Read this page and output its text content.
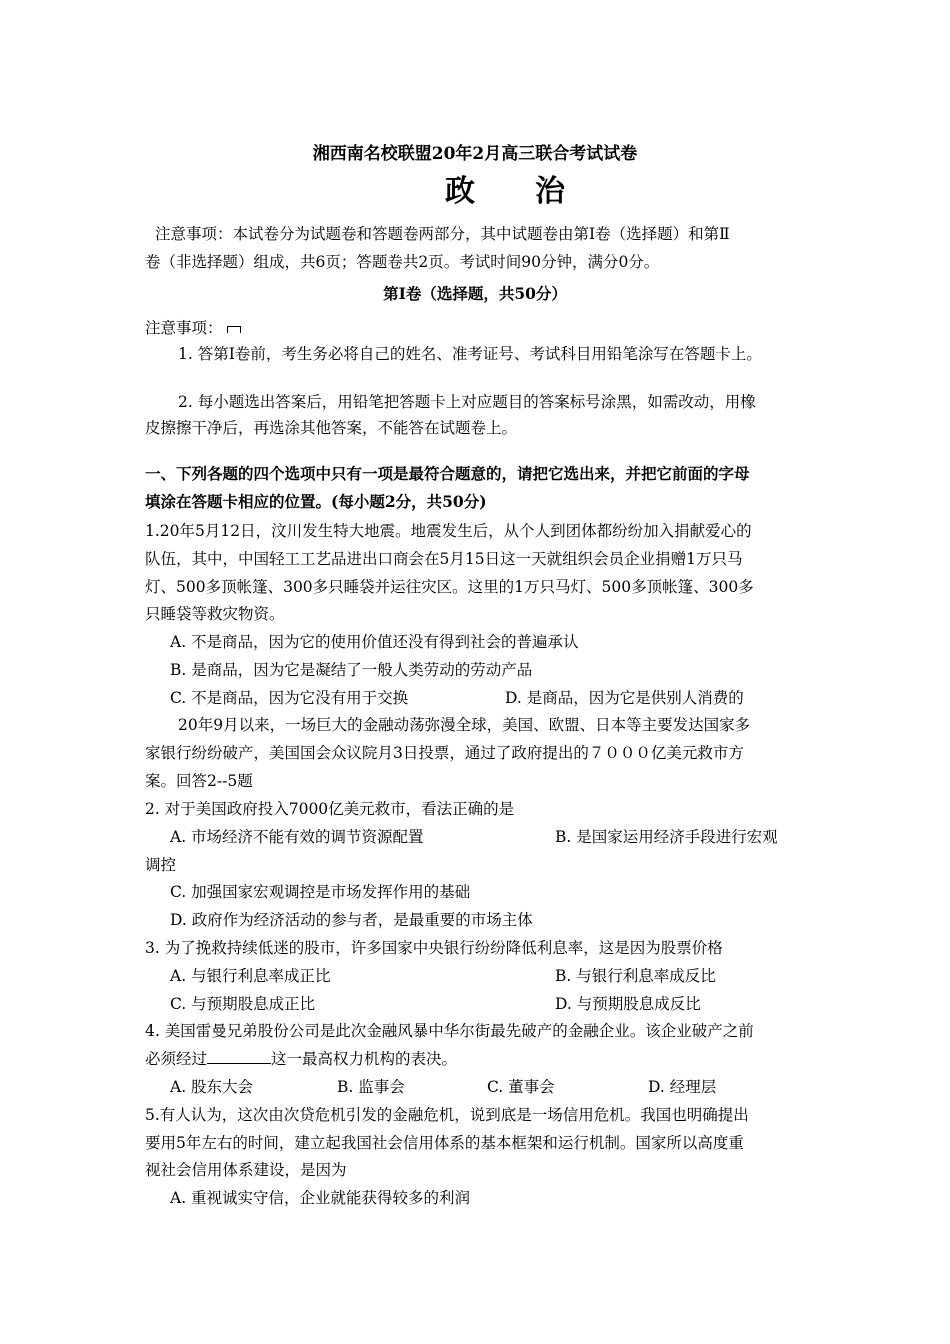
湘西南名校联盟20年2月高三联合考试试卷
政治
注意事项：本试卷分为试题卷和答题卷两部分，其中试题卷由第Ⅰ卷（选择题）和第Ⅱ
卷（非选择题）组成，共6页；答题卷共2页。考试时间90分钟，满分0分。
第Ⅰ卷（选择题，共50分）
注意事项：
1. 答第Ⅰ卷前，考生务必将自己的姓名、准考证号、考试科目用铅笔涂写在答题卡上。
2. 每小题选出答案后，用铅笔把答题卡上对应题目的答案标号涂黑，如需改动，用橡
皮擦擦干净后，再选涂其他答案，不能答在试题卷上。
一、下列各题的四个选项中只有一项是最符合题意的，请把它选出来，并把它前面的字母
填涂在答题卡相应的位置。(每小题2分，共50分)
1.20年5月12日，汶川发生特大地震。地震发生后，从个人到团体都纷纷加入捐献爱心的
队伍，其中，中国轻工工艺品进出口商会在5月15日这一天就组织会员企业捐赠1万只马
灯、500多顶帐篷、300多只睡袋并运往灾区。这里的1万只马灯、500多顶帐篷、300多
只睡袋等救灾物资。
A. 不是商品，因为它的使用价值还没有得到社会的普遍承认
B. 是商品，因为它是凝结了一般人类劳动的劳动产品
C. 不是商品，因为它没有用于交换	D. 是商品，因为它是供别人消费的
20年9月以来，一场巨大的金融动荡弥漫全球，美国、欧盟、日本等主要发达国家多
家银行纷纷破产，美国国会众议院月3日投票，通过了政府提出的７０００亿美元救市方
案。回答2--5题
2. 对于美国政府投入7000亿美元救市，看法正确的是
A. 市场经济不能有效的调节资源配置	B. 是国家运用经济手段进行宏观
调控
C. 加强国家宏观调控是市场发挥作用的基础
D. 政府作为经济活动的参与者，是最重要的市场主体
3. 为了挽救持续低迷的股市，许多国家中央银行纷纷降低利息率，这是因为股票价格
A. 与银行利息率成正比	B. 与银行利息率成反比
C. 与预期股息成正比	D. 与预期股息成反比
4. 美国雷曼兄弟股份公司是此次金融风暴中华尔街最先破产的金融企业。该企业破产之前
必须经过	这一最高权力机构的表决。
A. 股东大会	B. 监事会	C. 董事会	D. 经理层
5.有人认为，这次由次贷危机引发的金融危机，说到底是一场信用危机。我国也明确提出
要用5年左右的时间，建立起我国社会信用体系的基本框架和运行机制。国家所以高度重
视社会信用体系建设，是因为
A. 重视诚实守信，企业就能获得较多的利润
